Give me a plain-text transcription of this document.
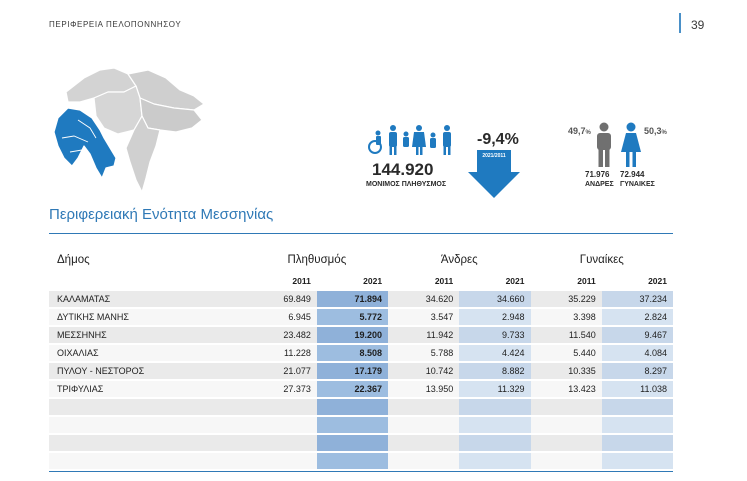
ΠΕΡΙΦΕΡΕΙΑ ΠΕΛΟΠΟΝΝΗΣΟΥ	39
144.920
ΜΟΝΙΜΟΣ ΠΛΗΘΥΣΜΟΣ
-9,4%
2021/2011
49,7%	50,3%
71.976 72.944
ΑΝΔΡΕΣ ΓΥΝΑΙΚΕΣ
Περιφερειακή Ενότητα Μεσσηνίας
Δήμος	Πληθυσμός		Άνδρες		Γυναίκες	
	2011	2021	2011	2021	2011	2021
ΚΑΛΑΜΑΤΑΣ	69.849	71.894	34.620	34.660	35.229	37.234
ΔΥΤΙΚΗΣ ΜΑΝΗΣ	6.945	5.772	3.547	2.948	3.398	2.824
ΜΕΣΣΗΝΗΣ	23.482	19.200	11.942	9.733	11.540	9.467
ΟΙΧΑΛΙΑΣ	11.228	8.508	5.788	4.424	5.440	4.084
ΠΥΛΟΥ - ΝΕΣΤΟΡΟΣ	21.077	17.179	10.742	8.882	10.335	8.297
ΤΡΙΦΥΛΙΑΣ	27.373	22.367	13.950	11.329	13.423	11.038
